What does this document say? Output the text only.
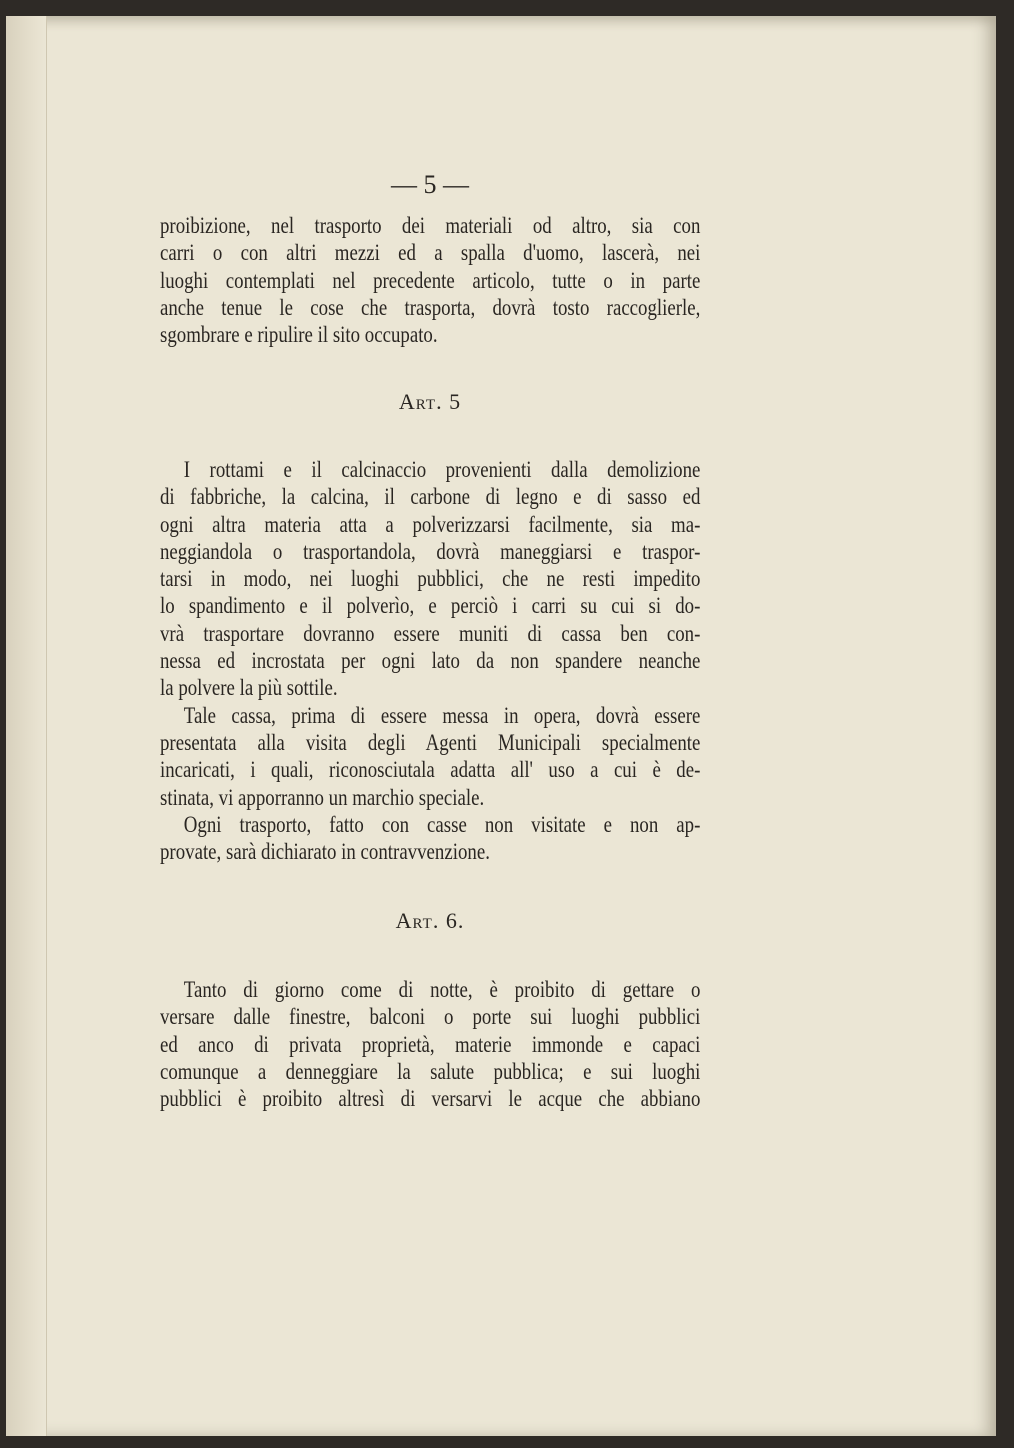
— 5 —
proibizione, nel trasporto dei materiali od altro, sia con
carri o con altri mezzi ed a spalla d'uomo, lascerà, nei
luoghi contemplati nel precedente articolo, tutte o in parte
anche tenue le cose che trasporta, dovrà tosto raccoglierle,
sgombrare e ripulire il sito occupato.
Art. 5
I rottami e il calcinaccio provenienti dalla demolizione
di fabbriche, la calcina, il carbone di legno e di sasso ed
ogni altra materia atta a polverizzarsi facilmente, sia ma-
neggiandola o trasportandola, dovrà maneggiarsi e traspor-
tarsi in modo, nei luoghi pubblici, che ne resti impedito
lo spandimento e il polverìo, e perciò i carri su cui si do-
vrà trasportare dovranno essere muniti di cassa ben con-
nessa ed incrostata per ogni lato da non spandere neanche
la polvere la più sottile.
Tale cassa, prima di essere messa in opera, dovrà essere
presentata alla visita degli Agenti Municipali specialmente
incaricati, i quali, riconosciutala adatta all' uso a cui è de-
stinata, vi apporranno un marchio speciale.
Ogni trasporto, fatto con casse non visitate e non ap-
provate, sarà dichiarato in contravvenzione.
Art. 6.
Tanto di giorno come di notte, è proibito di gettare o
versare dalle finestre, balconi o porte sui luoghi pubblici
ed anco di privata proprietà, materie immonde e capaci
comunque a denneggiare la salute pubblica; e sui luoghi
pubblici è proibito altresì di versarvi le acque che abbiano
